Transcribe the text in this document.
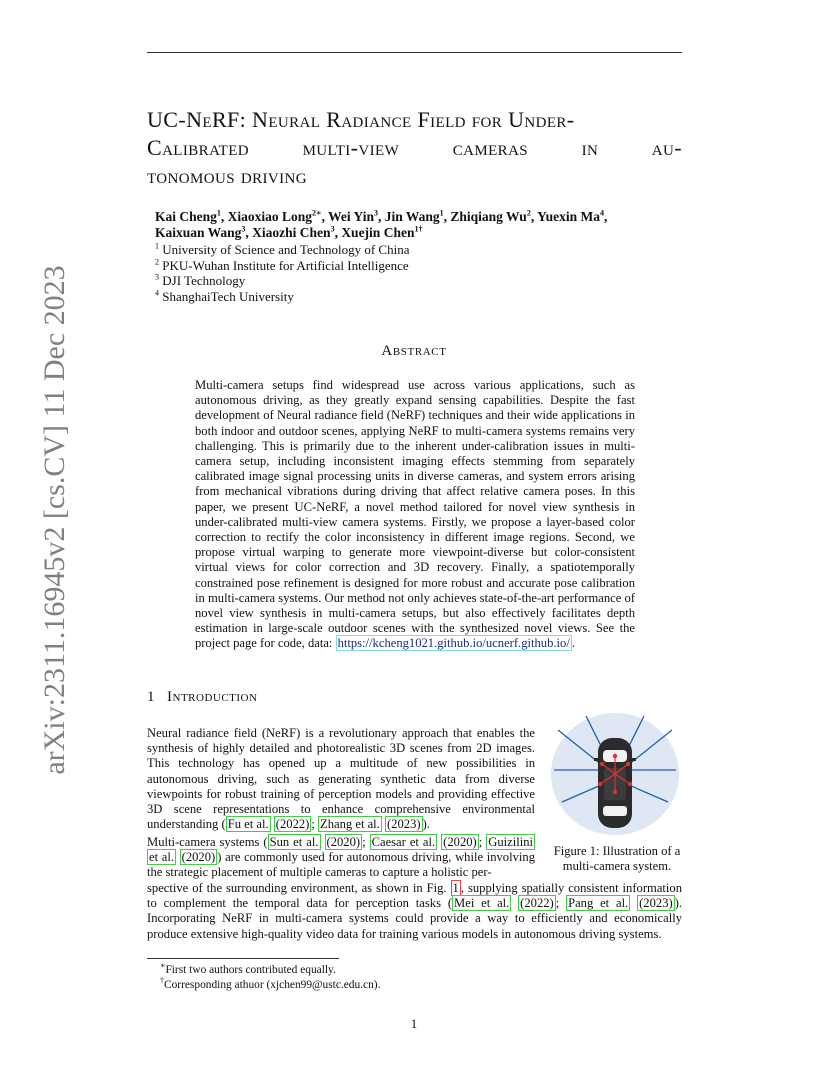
arXiv:2311.16945v2 [cs.CV] 11 Dec 2023
UC-NeRF: Neural Radiance Field for Under-
Calibrated multi-view cameras in au-
tonomous driving
Kai Cheng$^1$, Xiaoxiao Long$^{2∗}$, Wei Yin$^3$, Jin Wang$^1$, Zhiqiang Wu$^2$, Yuexin Ma$^4$,
Kaixuan Wang$^3$, Xiaozhi Chen$^3$, Xuejin Chen$^{1\dagger}$
$^1$ University of Science and Technology of China
$^2$ PKU-Wuhan Institute for Artificial Intelligence
$^3$ DJI Technology
$^4$ ShanghaiTech University
Abstract
Multi-camera setups find widespread use across various applications, such as autonomous driving, as they greatly expand sensing capabilities. Despite the fast development of Neural radiance field (NeRF) techniques and their wide applications in both indoor and outdoor scenes, applying NeRF to multi-camera systems remains very challenging. This is primarily due to the inherent under-calibration issues in multi-camera setup, including inconsistent imaging effects stemming from separately calibrated image signal processing units in diverse cameras, and system errors arising from mechanical vibrations during driving that affect relative camera poses. In this paper, we present UC-NeRF, a novel method tailored for novel view synthesis in under-calibrated multi-view camera systems. Firstly, we propose a layer-based color correction to rectify the color inconsistency in different image regions. Second, we propose virtual warping to generate more viewpoint-diverse but color-consistent virtual views for color correction and 3D recovery. Finally, a spatiotemporally constrained pose refinement is designed for more robust and accurate pose calibration in multi-camera systems. Our method not only achieves state-of-the-art performance of novel view synthesis in multi-camera setups, but also effectively facilitates depth estimation in large-scale outdoor scenes with the synthesized novel views. See the project page for code, data: https://kcheng1021.github.io/ucnerf.github.io/ .
1 Introduction
Neural radiance field (NeRF) is a revolutionary approach that enables the synthesis of highly detailed and photorealistic 3D scenes from 2D images. This technology has opened up a multitude of new possibilities in autonomous driving, such as generating synthetic data from diverse viewpoints for robust training of perception models and providing effective 3D scene representations to enhance comprehensive environmental understanding ( Fu et al. (2022) ; Zhang et al. (2023) ).
Multi-camera systems ( Sun et al. (2020) ; Caesar et al. (2020) ; Guizilini et al. (2020) ) are commonly used for autonomous driving, while involving the strategic placement of multiple cameras to capture a holistic per-
spective of the surrounding environment, as shown in Fig. 1 , supplying spatially consistent information to complement the temporal data for perception tasks ( Mei et al. (2022) ; Pang et al. (2023) ). Incorporating NeRF in multi-camera systems could provide a way to efficiently and economically produce extensive high-quality video data for training various models in autonomous driving systems.
Figure 1: Illustration of a multi-camera system.
∗First two authors contributed equally.
†Corresponding athuor (xjchen99@ustc.edu.cn).
1
